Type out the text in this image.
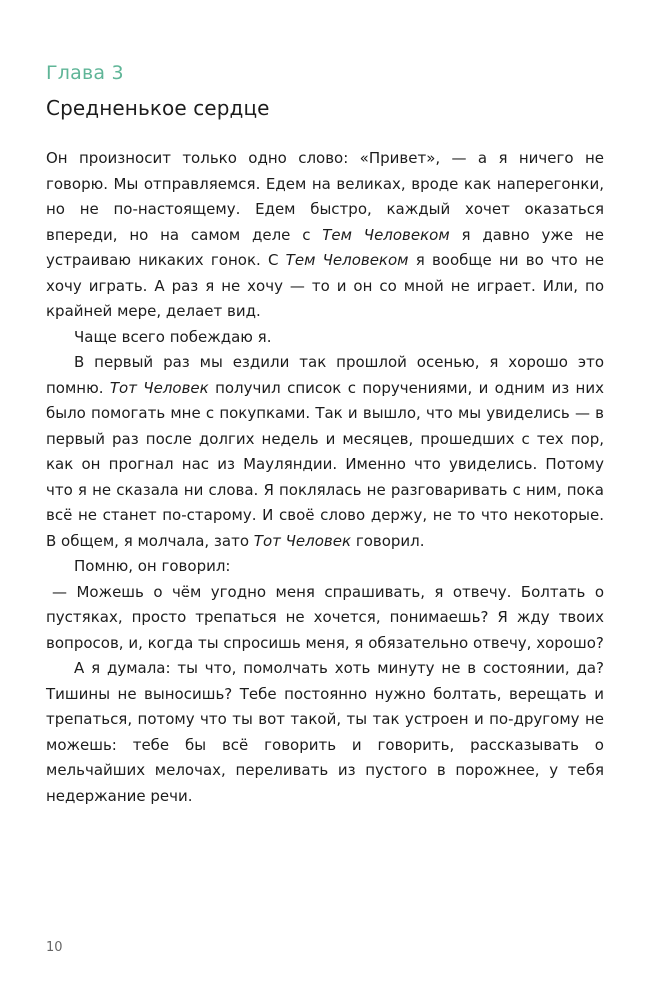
Глава 3
Средненькое сердце

Он произносит только одно слово: «Привет», — а я ничего не говорю. Мы отправляемся. Едем на великах, вроде как наперегонки, но не по-настоящему. Едем быстро, каждый хочет оказаться впереди, но на самом деле с Тем Человеком я давно уже не устраиваю никаких гонок. С Тем Человеком я вообще ни во что не хочу играть. А раз я не хочу — то и он со мной не играет. Или, по крайней мере, делает вид.

Чаще всего побеждаю я.

В первый раз мы ездили так прошлой осенью, я хорошо это помню. Тот Человек получил список с поручениями, и одним из них было помогать мне с покупками. Так и вышло, что мы увиделись — в первый раз после долгих недель и месяцев, прошедших с тех пор, как он прогнал нас из Мауляндии. Именно что увиделись. Потому что я не сказала ни слова. Я поклялась не разговаривать с ним, пока всё не станет по-старому. И своё слово держу, не то что некоторые. В общем, я молчала, зато Тот Человек говорил.

Помню, он говорил:

— Можешь о чём угодно меня спрашивать, я отвечу. Болтать о пустяках, просто трепаться не хочется, понимаешь? Я жду твоих вопросов, и, когда ты спросишь меня, я обязательно отвечу, хорошо?

А я думала: ты что, помолчать хоть минуту не в состоянии, да? Тишины не выносишь? Тебе постоянно нужно болтать, верещать и трепаться, потому что ты вот такой, ты так устроен и по-другому не можешь: тебе бы всё говорить и говорить, рассказывать о мельчайших мелочах, переливать из пустого в порожнее, у тебя недержание речи.

10
